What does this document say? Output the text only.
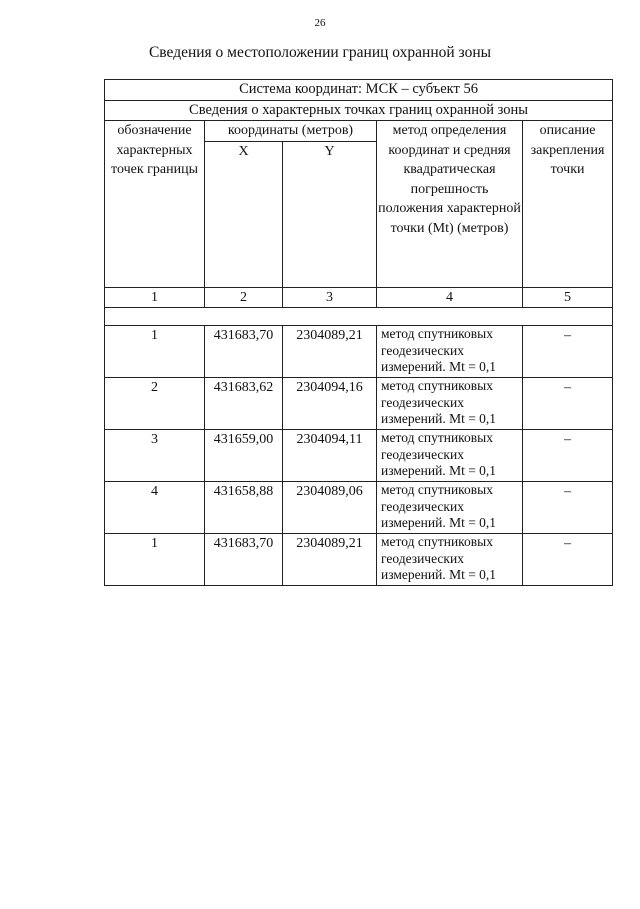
26
Сведения о местоположении границ охранной зоны
Система координат: МСК – субъект 56				
Сведения о характерных точках границ охранной зоны				
обозначение характерных точек границы	координаты (метров)		метод определения координат и средняя квадратическая погрешность положения характерной точки (Mt) (метров)	описание закрепления точки
	X	Y		
1	2	3	4	5

1	431683,70	2304089,21	метод спутниковых геодезических измерений. Mt = 0,1	–
2	431683,62	2304094,16	метод спутниковых геодезических измерений. Mt = 0,1	–
3	431659,00	2304094,11	метод спутниковых геодезических измерений. Mt = 0,1	–
4	431658,88	2304089,06	метод спутниковых геодезических измерений. Mt = 0,1	–
1	431683,70	2304089,21	метод спутниковых геодезических измерений. Mt = 0,1	–
